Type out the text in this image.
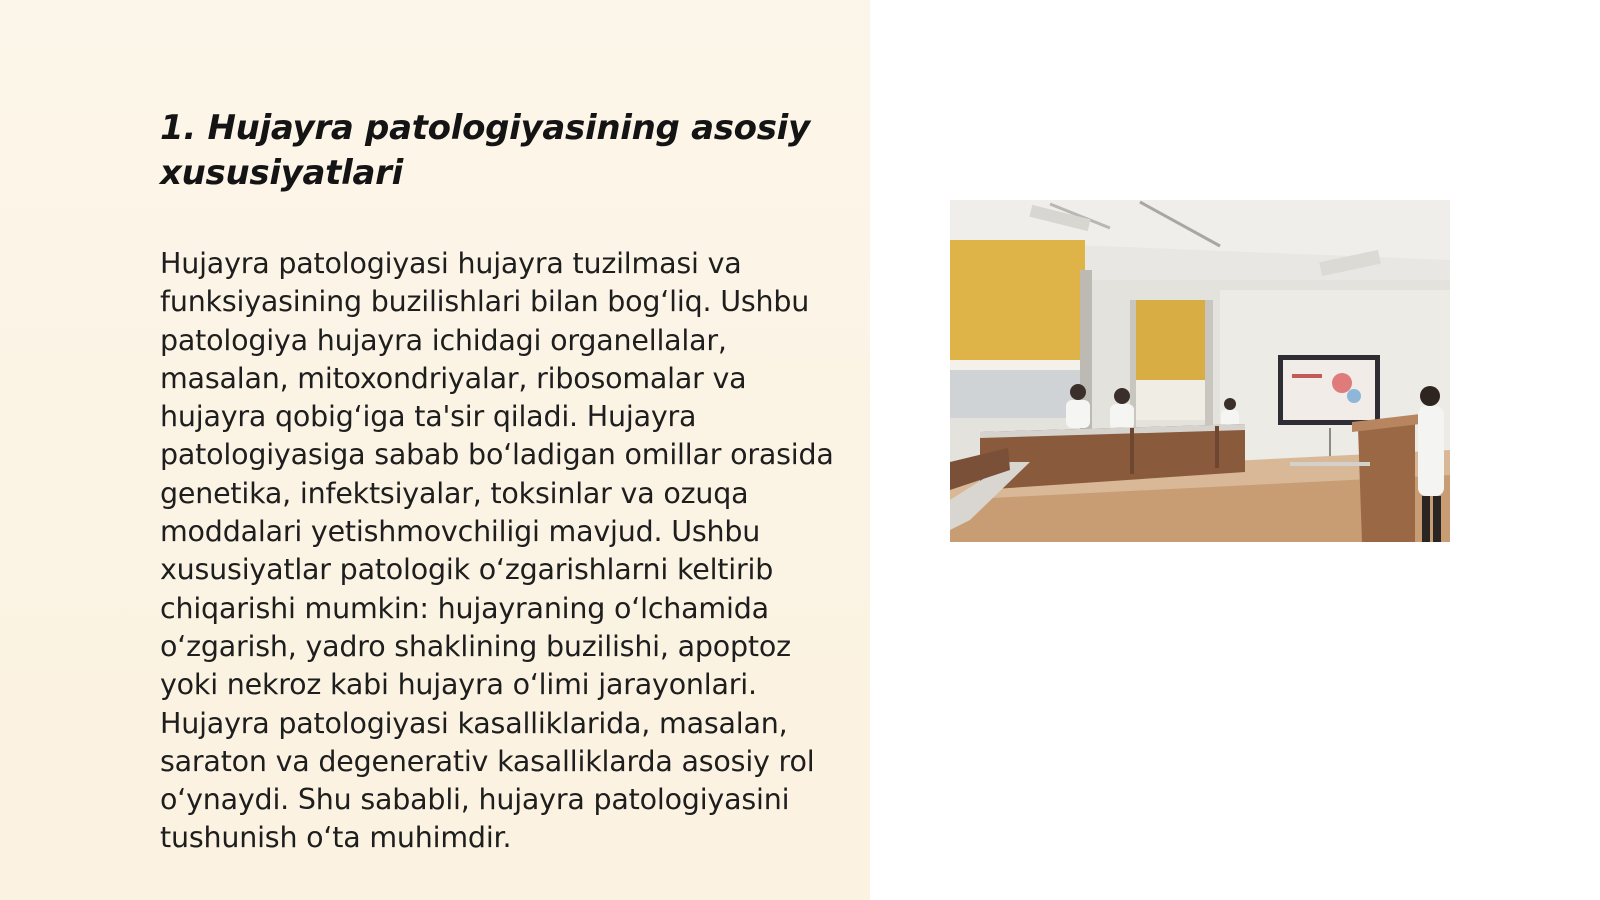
1. Hujayra patologiyasining asosiy xususiyatlari

Hujayra patologiyasi hujayra tuzilmasi va funksiyasining buzilishlari bilan bog‘liq. Ushbu patologiya hujayra ichidagi organellalar, masalan, mitoxondriyalar, ribosomalar va hujayra qobig‘iga ta'sir qiladi. Hujayra patologiyasiga sabab bo‘ladigan omillar orasida genetika, infektsiyalar, toksinlar va ozuqa moddalari yetishmovchiligi mavjud. Ushbu xususiyatlar patologik o‘zgarishlarni keltirib chiqarishi mumkin: hujayraning o‘lchamida o‘zgarish, yadro shaklining buzilishi, apoptoz yoki nekroz kabi hujayra o‘limi jarayonlari. Hujayra patologiyasi kasalliklarida, masalan, saraton va degenerativ kasalliklarda asosiy rol o‘ynaydi. Shu sababli, hujayra patologiyasini tushunish o‘ta muhimdir.
